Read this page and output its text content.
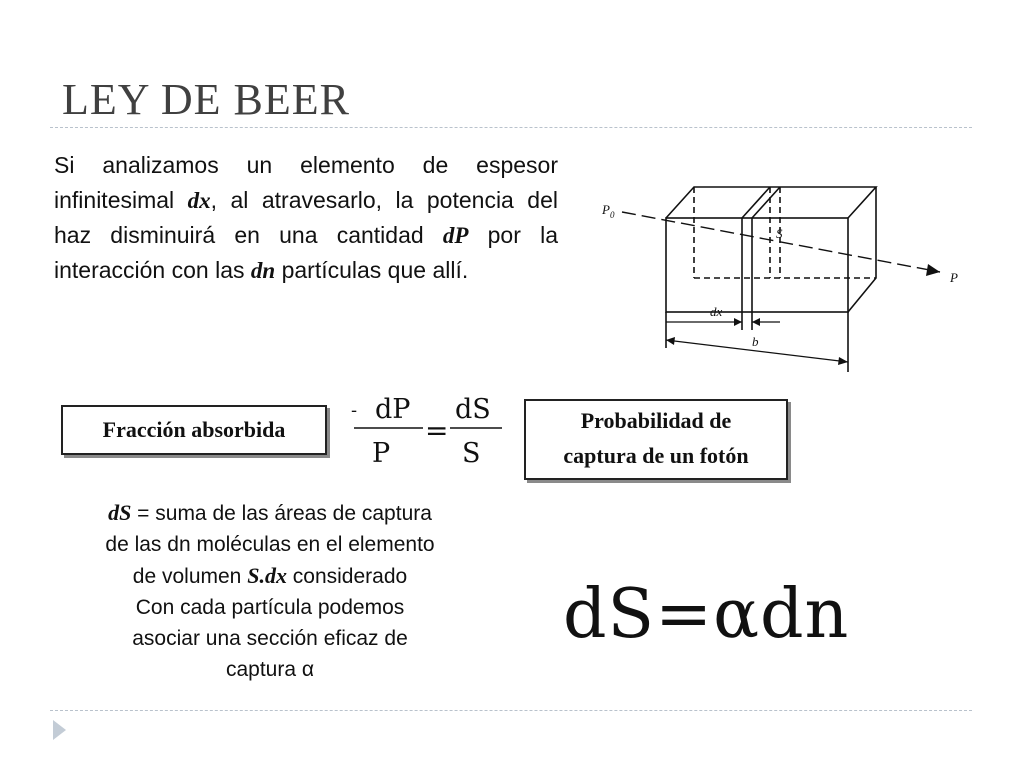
LEY DE BEER

Si analizamos un elemento de espesor infinitesimal dx, al atravesarlo, la potencia del haz disminuirá en una cantidad dP por la interacción con las dn partículas que allí.

$P_0$
S
P
dx
b
- dP
P
=
dS
S
Fracción absorbida	Probabilidad de
captura de un fotón
dS = suma de las áreas de captura
de las dn moléculas en el elemento
de volumen S.dx considerado
Con cada partícula podemos
asociar una sección eficaz de
captura α
dS=αdn
